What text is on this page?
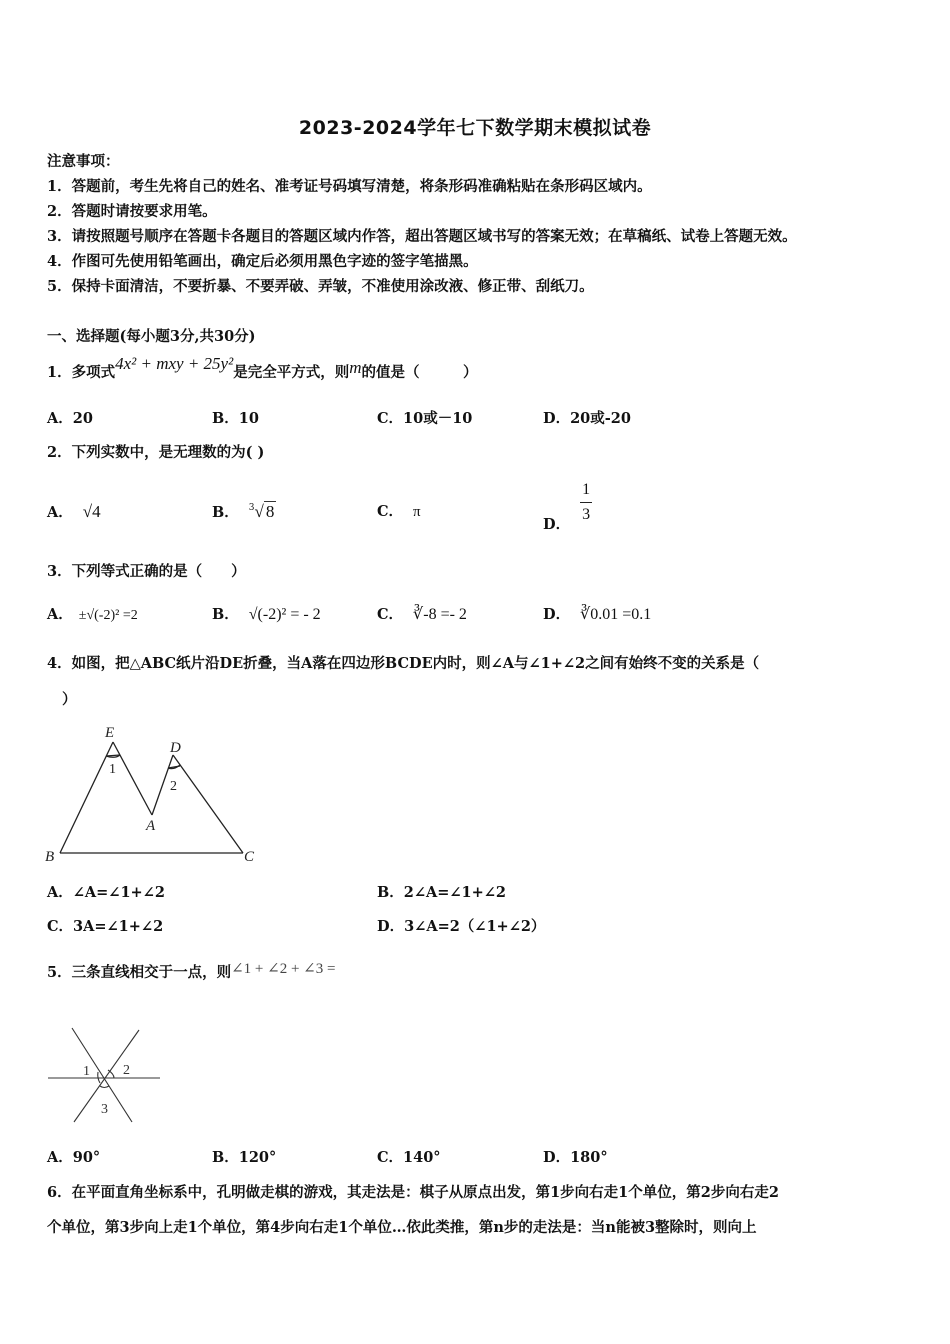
2023-2024学年七下数学期末模拟试卷
注意事项：
1．答题前，考生先将自己的姓名、准考证号码填写清楚，将条形码准确粘贴在条形码区域内。
2．答题时请按要求用笔。
3．请按照题号顺序在答题卡各题目的答题区域内作答，超出答题区域书写的答案无效；在草稿纸、试卷上答题无效。
4．作图可先使用铅笔画出，确定后必须用黑色字迹的签字笔描黑。
5．保持卡面清洁，不要折暴、不要弄破、弄皱，不准使用涂改液、修正带、刮纸刀。
一、选择题(每小题3分,共30分)
1．多项式4x² + mxy + 25y²是完全平方式，则m的值是（　　　）
A．20	B．10	C．10或－10	D．20或-20
2．下列实数中，是无理数的为( )
A． √4	B． $^3$√ 8	C． π
D． $\frac{1}{3}$
3．下列等式正确的是（　　）
A． ±√(-2)² =2	B． √(-2)² = - 2	C． ∛-8 =- 2	D． ∛0.01 =0.1
4．如图，把△ABC纸片沿DE折叠，当A落在四边形BCDE内时，则∠A与∠1+∠2之间有始终不变的关系是（
）
E
D
A
B	C
1
2
A．∠A=∠1+∠2	B．2∠A=∠1+∠2
C．3A=∠1+∠2	D．3∠A=2（∠1+∠2）
5．三条直线相交于一点，则∠1 + ∠2 + ∠3 =
1 2
3
A．90°	B．120°	C．140°	D．180°
6．在平面直角坐标系中，孔明做走棋的游戏，其走法是：棋子从原点出发，第1步向右走1个单位，第2步向右走2
个单位，第3步向上走1个单位，第4步向右走1个单位…依此类推，第n步的走法是：当n能被3整除时，则向上
